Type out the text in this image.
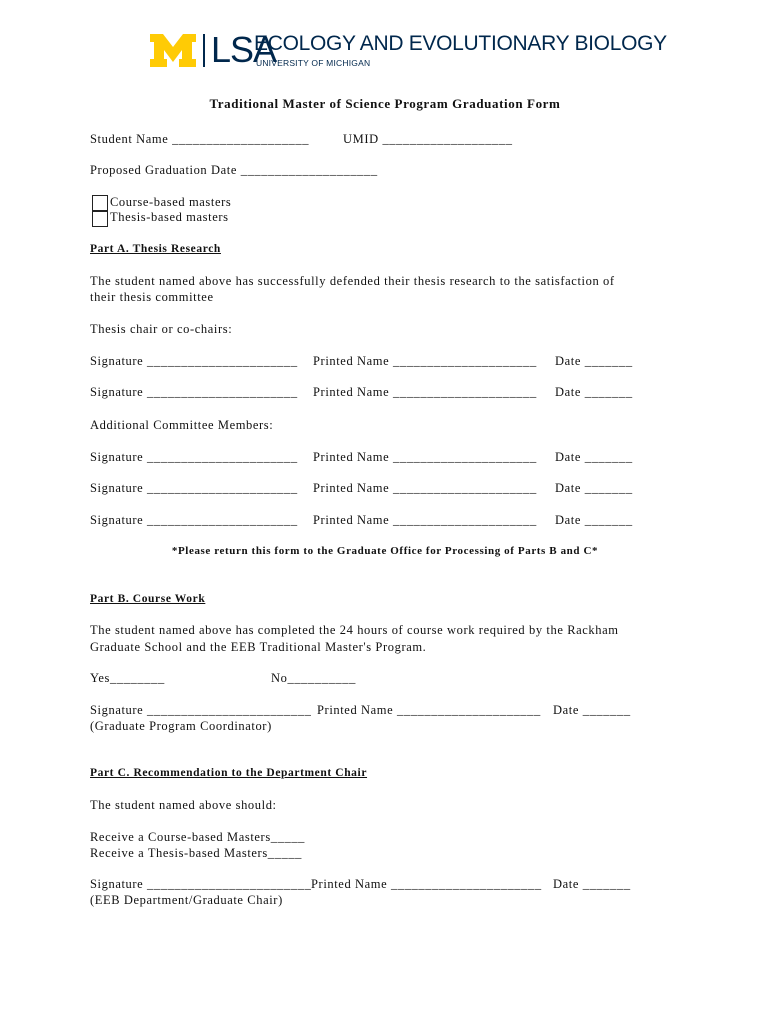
LSA
ECOLOGY AND EVOLUTIONARY BIOLOGY
UNIVERSITY OF MICHIGAN
Traditional Master of Science Program Graduation Form
Student Name ____________________	UMID ___________________
Proposed Graduation Date ____________________
Course-based masters
Thesis-based masters
Part A. Thesis Research
The student named above has successfully defended their thesis research to the satisfaction of
their thesis committee
Thesis chair or co-chairs:
Signature ______________________ Printed Name _____________________ Date _______
Signature ______________________ Printed Name _____________________ Date _______
Additional Committee Members:
Signature ______________________ Printed Name _____________________ Date _______
Signature ______________________ Printed Name _____________________ Date _______
Signature ______________________ Printed Name _____________________ Date _______
*Please return this form to the Graduate Office for Processing of Parts B and C*
Part B. Course Work
The student named above has completed the 24 hours of course work required by the Rackham
Graduate School and the EEB Traditional Master's Program.
Yes________	No__________
Signature ________________________ Printed Name _____________________ Date _______
(Graduate Program Coordinator)
Part C. Recommendation to the Department Chair
The student named above should:
Receive a Course-based Masters_____
Receive a Thesis-based Masters_____
Signature ________________________ Printed Name ______________________ Date _______
(EEB Department/Graduate Chair)
